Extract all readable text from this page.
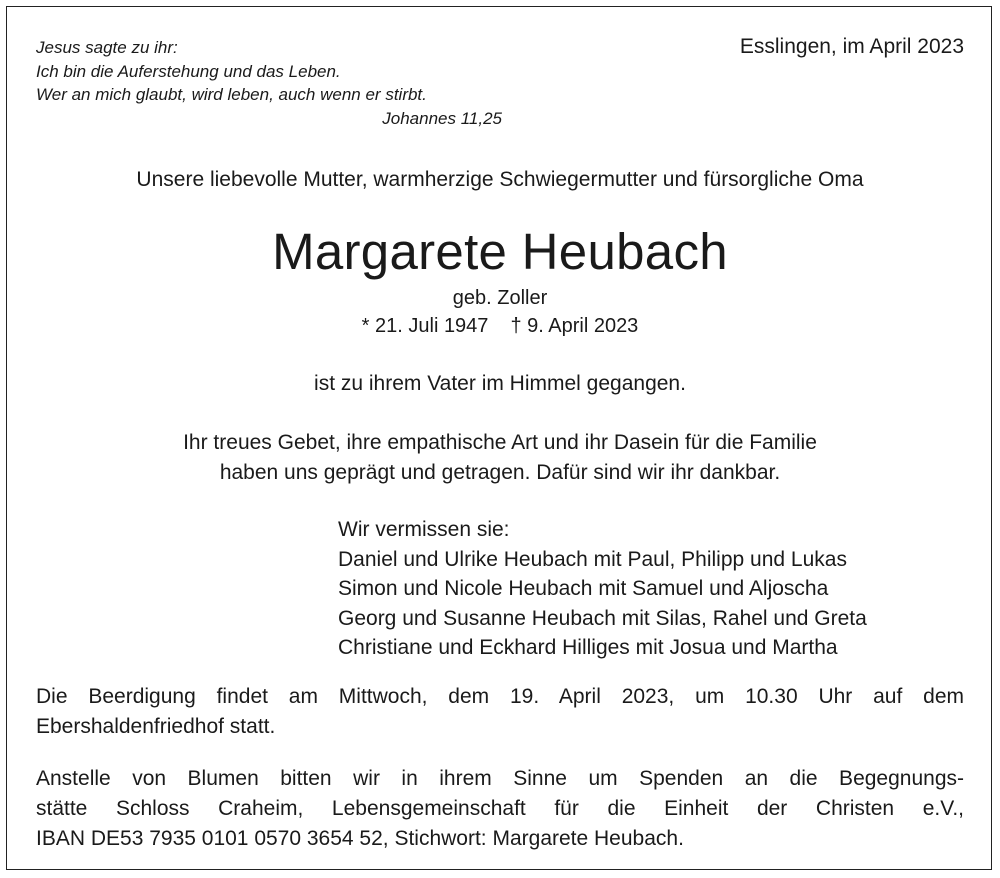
Jesus sagte zu ihr:
Ich bin die Auferstehung und das Leben.
Wer an mich glaubt, wird leben, auch wenn er stirbt.
Johannes 11,25
Esslingen, im April 2023
Unsere liebevolle Mutter, warmherzige Schwiegermutter und fürsorgliche Oma
Margarete Heubach
geb. Zoller
* 21. Juli 1947 † 9. April 2023
ist zu ihrem Vater im Himmel gegangen.
Ihr treues Gebet, ihre empathische Art und ihr Dasein für die Familie
haben uns geprägt und getragen. Dafür sind wir ihr dankbar.
Wir vermissen sie:
Daniel und Ulrike Heubach mit Paul, Philipp und Lukas
Simon und Nicole Heubach mit Samuel und Aljoscha
Georg und Susanne Heubach mit Silas, Rahel und Greta
Christiane und Eckhard Hilliges mit Josua und Martha
Die Beerdigung findet am Mittwoch, dem 19. April 2023, um 10.30 Uhr auf dem
Ebershaldenfriedhof statt.
Anstelle von Blumen bitten wir in ihrem Sinne um Spenden an die Begegnungs-
stätte Schloss Craheim, Lebensgemeinschaft für die Einheit der Christen e.V.,
IBAN DE53 7935 0101 0570 3654 52, Stichwort: Margarete Heubach.
